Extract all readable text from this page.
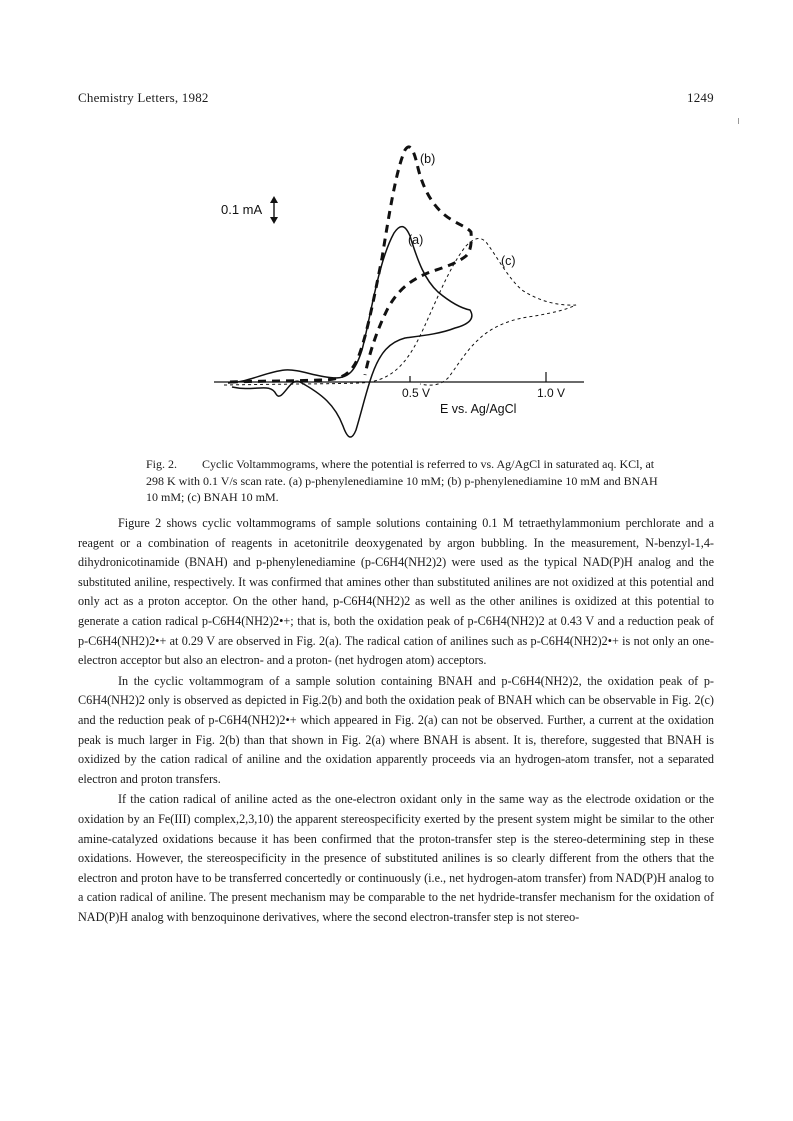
Chemistry Letters, 1982	1249
0.1 mA
0.5 V	1.0 V
E vs. Ag/AgCl
(b)
(a)
(c)
Fig. 2. Cyclic Voltammograms, where the potential is referred to vs. Ag/AgCl in saturated aq. KCl, at 298 K with 0.1 V/s scan rate. (a) p-phenylenediamine 10 mM; (b) p-phenylenediamine 10 mM and BNAH 10 mM; (c) BNAH 10 mM.

Figure 2 shows cyclic voltammograms of sample solutions containing 0.1 M tetraethylammonium perchlorate and a reagent or a combination of reagents in acetonitrile deoxygenated by argon bubbling. In the measurement, N-benzyl-1,4-dihydronicotinamide (BNAH) and p-phenylenediamine (p-C6H4(NH2)2) were used as the typical NAD(P)H analog and the substituted aniline, respectively. It was confirmed that amines other than substituted anilines are not oxidized at this potential and only act as a proton acceptor. On the other hand, p-C6H4(NH2)2 as well as the other anilines is oxidized at this potential to generate a cation radical p-C6H4(NH2)2•+; that is, both the oxidation peak of p-C6H4(NH2)2 at 0.43 V and a reduction peak of p-C6H4(NH2)2•+ at 0.29 V are observed in Fig. 2(a). The radical cation of anilines such as p-C6H4(NH2)2•+ is not only an one-electron acceptor but also an electron- and a proton- (net hydrogen atom) acceptors.

In the cyclic voltammogram of a sample solution containing BNAH and p-C6H4(NH2)2, the oxidation peak of p-C6H4(NH2)2 only is observed as depicted in Fig.2(b) and both the oxidation peak of BNAH which can be observable in Fig. 2(c) and the reduction peak of p-C6H4(NH2)2•+ which appeared in Fig. 2(a) can not be observed. Further, a current at the oxidation peak is much larger in Fig. 2(b) than that shown in Fig. 2(a) where BNAH is absent. It is, therefore, suggested that BNAH is oxidized by the cation radical of aniline and the oxidation apparently proceeds via an hydrogen-atom transfer, not a separated electron and proton transfers.

If the cation radical of aniline acted as the one-electron oxidant only in the same way as the electrode oxidation or the oxidation by an Fe(III) complex,2,3,10) the apparent stereospecificity exerted by the present system might be similar to the other amine-catalyzed oxidations because it has been confirmed that the proton-transfer step is the stereo-determining step in these oxidations. However, the stereospecificity in the presence of substituted anilines is so clearly different from the others that the electron and proton have to be transferred concertedly or continuously (i.e., net hydrogen-atom transfer) from NAD(P)H analog to a cation radical of aniline. The present mechanism may be comparable to the net hydride-transfer mechanism for the oxidation of NAD(P)H analog with benzoquinone derivatives, where the second electron-transfer step is not stereo-
